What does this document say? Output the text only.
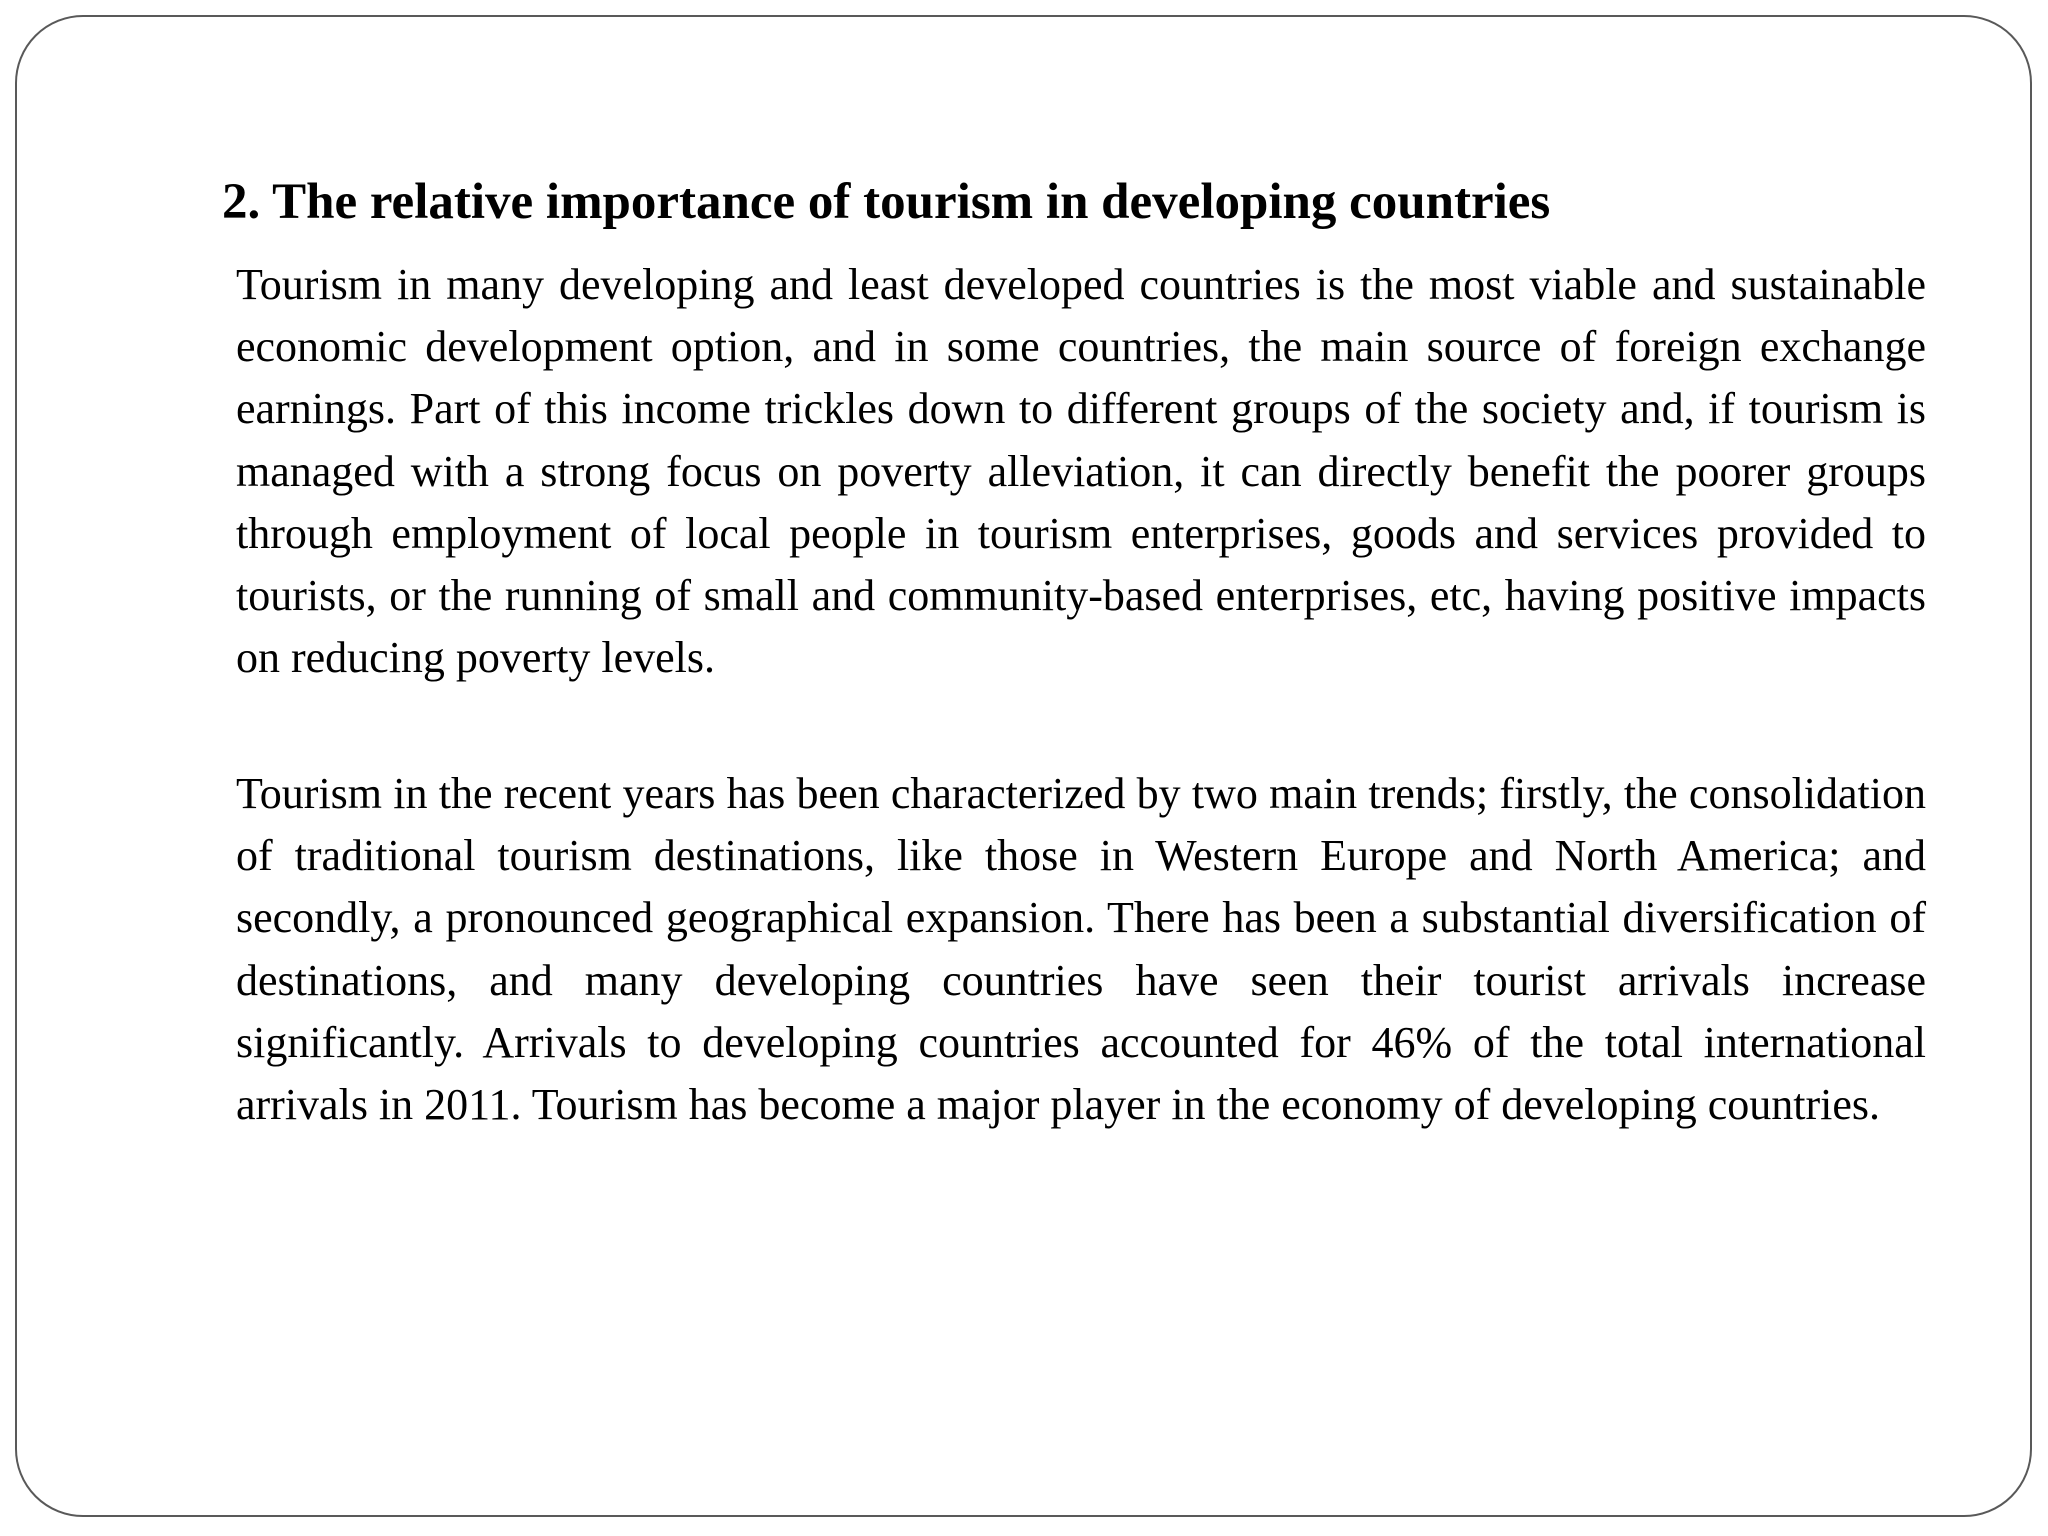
2. The relative importance of tourism in developing countries

Tourism in many developing and least developed countries is the most viable and sustainable economic development option, and in some countries, the main source of foreign exchange earnings. Part of this income trickles down to different groups of the society and, if tourism is managed with a strong focus on poverty alleviation, it can directly benefit the poorer groups through employment of local people in tourism enterprises, goods and services provided to tourists, or the running of small and community-based enterprises, etc, having positive impacts on reducing poverty levels.

Tourism in the recent years has been characterized by two main trends; firstly, the consolidation of traditional tourism destinations, like those in Western Europe and North America; and secondly, a pronounced geographical expansion. There has been a substantial diversification of destinations, and many developing countries have seen their tourist arrivals increase significantly. Arrivals to developing countries accounted for 46% of the total international arrivals in 2011. Tourism has become a major player in the economy of developing countries.
